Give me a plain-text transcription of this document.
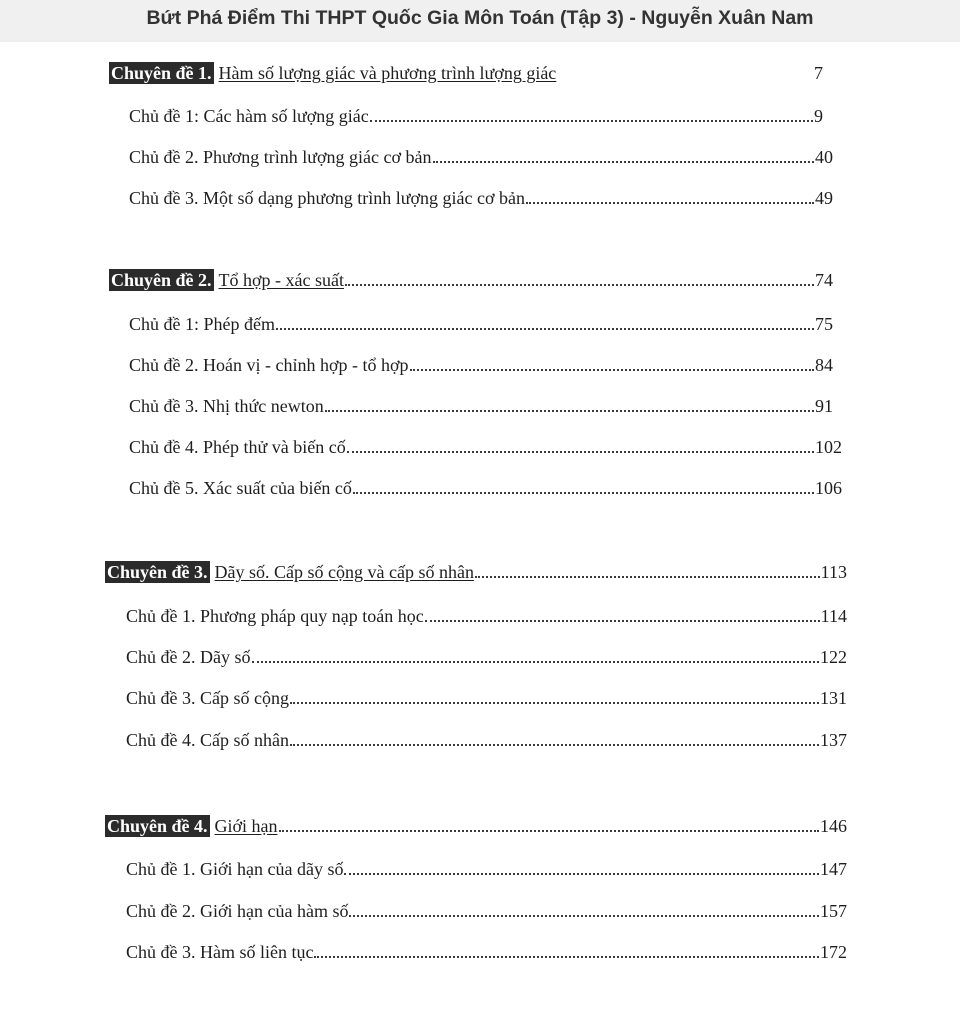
Bứt Phá Điểm Thi THPT Quốc Gia Môn Toán (Tập 3) - Nguyễn Xuân Nam
Chuyên đề 1. Hàm số lượng giác và phương trình lượng giác	7
Chủ đề 1: Các hàm số lượng giác	9
Chủ đề 2. Phương trình lượng giác cơ bản	40
Chủ đề 3. Một số dạng phương trình lượng giác cơ bản	49
Chuyên đề 2. Tổ hợp - xác suất	74
Chủ đề 1: Phép đếm	75
Chủ đề 2. Hoán vị - chỉnh hợp - tổ hợp	84
Chủ đề 3. Nhị thức newton	91
Chủ đề 4. Phép thử và biến cố	102
Chủ đề 5. Xác suất của biến cố	106
Chuyên đề 3. Dãy số. Cấp số cộng và cấp số nhân	113
Chủ đề 1. Phương pháp quy nạp toán học	114
Chủ đề 2. Dãy số	122
Chủ đề 3. Cấp số cộng	131
Chủ đề 4. Cấp số nhân	137
Chuyên đề 4. Giới hạn	146
Chủ đề 1. Giới hạn của dãy số	147
Chủ đề 2. Giới hạn của hàm số	157
Chủ đề 3. Hàm số liên tục	172
